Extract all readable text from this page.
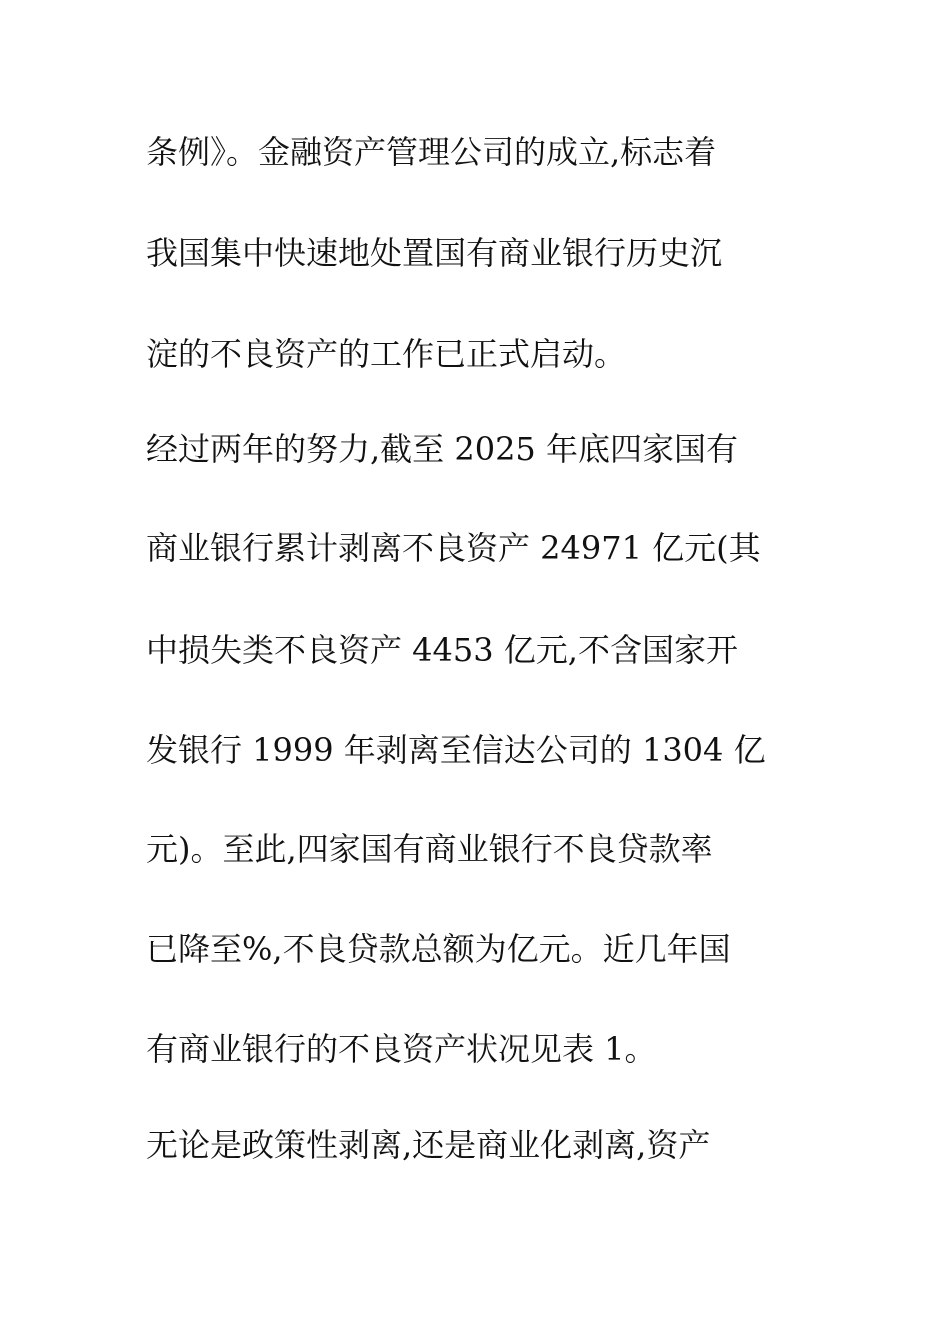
条例》。金融资产管理公司的成立,标志着
我国集中快速地处置国有商业银行历史沉
淀的不良资产的工作已正式启动。
经过两年的努力,截至 2025 年底四家国有
商业银行累计剥离不良资产 24971 亿元(其
中损失类不良资产 4453 亿元,不含国家开
发银行 1999 年剥离至信达公司的 1304 亿
元)。至此,四家国有商业银行不良贷款率
已降至%,不良贷款总额为亿元。近几年国
有商业银行的不良资产状况见表 1。
无论是政策性剥离,还是商业化剥离,资产
